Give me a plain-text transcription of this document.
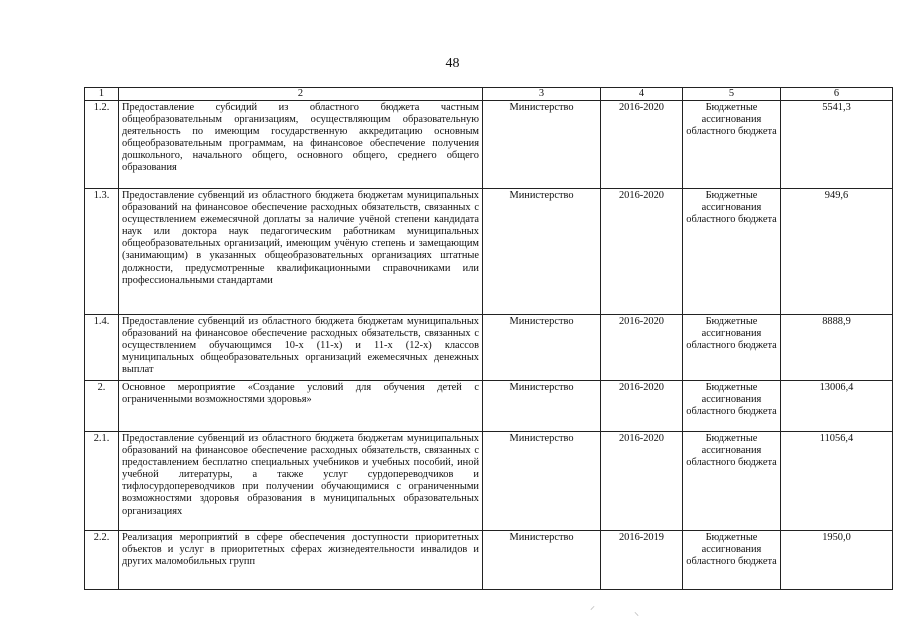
48
1	2	3	4	5	6
1.2.	Предоставление субсидий из областного бюджета частным общеобразовательным организациям, осуществляющим образовательную деятельность по имеющим государственную аккредитацию основным общеобразовательным программам, на финансовое обеспечение получения дошкольного, начального общего, основного общего, среднего общего образования	Министерство	2016-2020	Бюджетные ассигнования областного бюджета	5541,3
1.3.	Предоставление субвенций из областного бюджета бюджетам муниципальных образований на финансовое обеспечение расходных обязательств, связанных с осуществлением ежемесячной доплаты за наличие учёной степени кандидата наук или доктора наук педагогическим работникам муниципальных общеобразовательных организаций, имеющим учёную степень и замещающим (занимающим) в указанных общеобразовательных организациях штатные должности, предусмотренные квалификационными справочниками или профессиональными стандартами	Министерство	2016-2020	Бюджетные ассигнования областного бюджета	949,6
1.4.	Предоставление субвенций из областного бюджета бюджетам муниципальных образований на финансовое обеспечение расходных обязательств, связанных с осуществлением обучающимся 10-х (11-х) и 11-х (12-х) классов муниципальных общеобразовательных организаций ежемесячных денежных выплат	Министерство	2016-2020	Бюджетные ассигнования областного бюджета	8888,9
2.	Основное мероприятие «Создание условий для обучения детей с ограниченными возможностями здоровья»	Министерство	2016-2020	Бюджетные ассигнования областного бюджета	13006,4
2.1.	Предоставление субвенций из областного бюджета бюджетам муниципальных образований на финансовое обеспечение расходных обязательств, связанных с предоставлением бесплатно специальных учебников и учебных пособий, иной учебной литературы, а также услуг сурдопереводчиков и тифлосурдопереводчиков при получении обучающимися с ограниченными возможностями здоровья образования в муниципальных образовательных организациях	Министерство	2016-2020	Бюджетные ассигнования областного бюджета	11056,4
2.2.	Реализация мероприятий в сфере обеспечения доступности приоритетных объектов и услуг в приоритетных сферах жизнедеятельности инвалидов и других маломобильных групп	Министерство	2016-2019	Бюджетные ассигнования областного бюджета	1950,0
⸝
⸜
